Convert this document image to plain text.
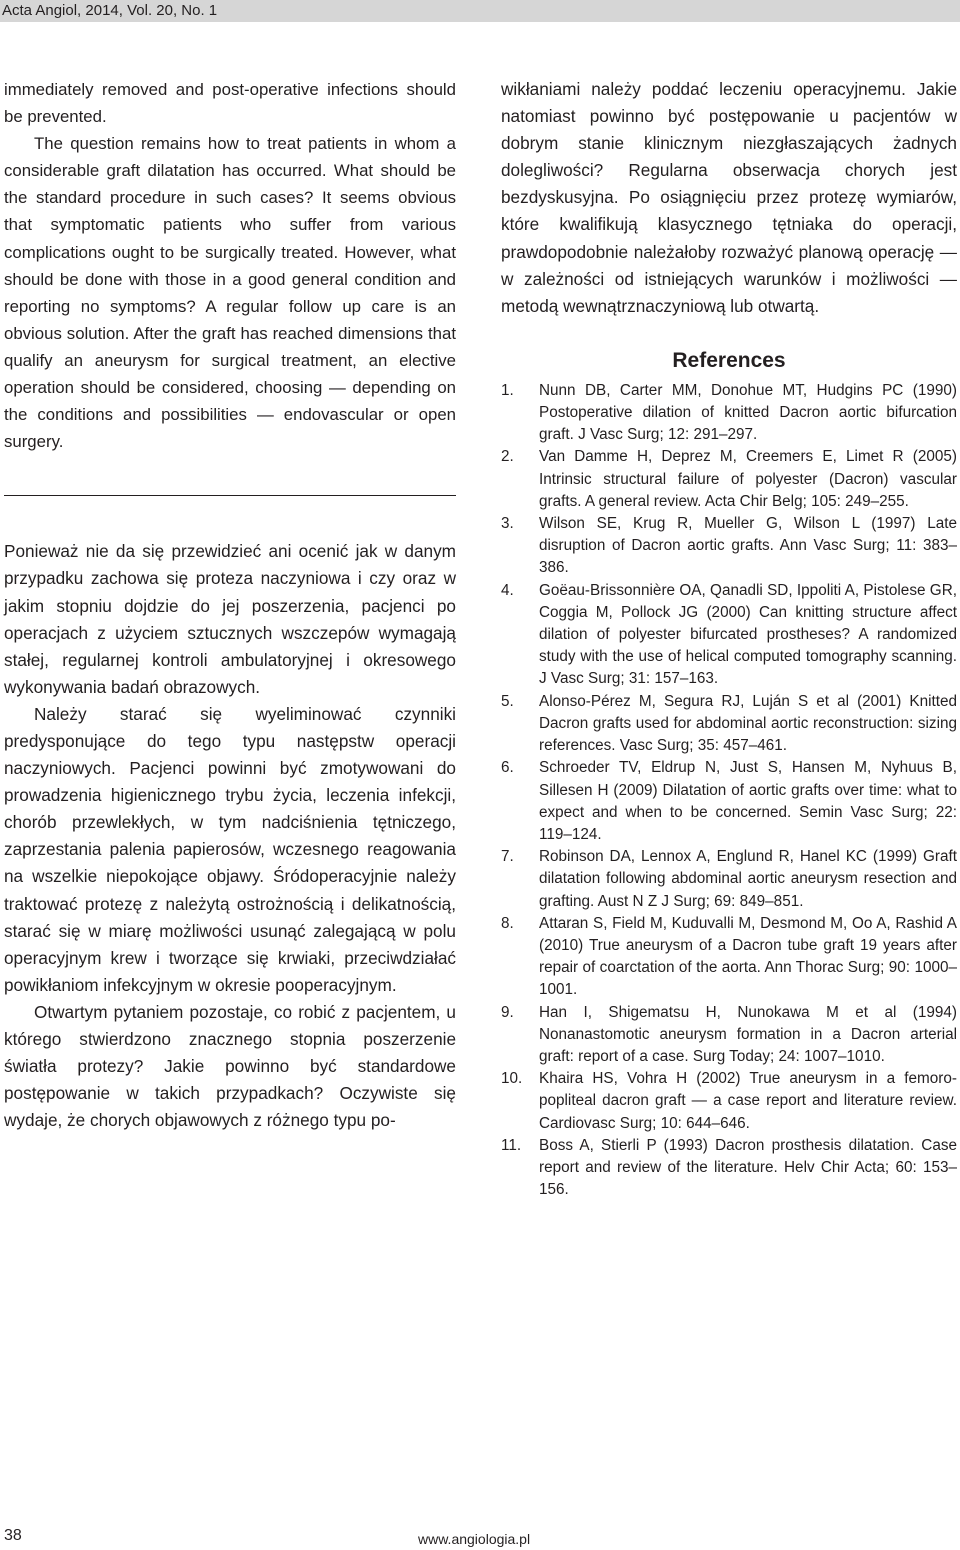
Acta Angiol, 2014, Vol. 20, No. 1

immediately removed and post-operative infections should be prevented.

The question remains how to treat patients in whom a considerable graft dilatation has occurred. What should be the standard procedure in such cases? It seems obvious that symptomatic patients who suffer from various complications ought to be surgically treated. However, what should be done with those in a good general condition and reporting no symptoms? A regular follow up care is an obvious solution. After the graft has reached dimensions that qualify an aneurysm for surgical treatment, an elective operation should be considered, choosing — depending on the conditions and possibilities — endovascular or open surgery.

Ponieważ nie da się przewidzieć ani ocenić jak w danym przypadku zachowa się proteza naczyniowa i czy oraz w jakim stopniu dojdzie do jej poszerzenia, pacjenci po operacjach z użyciem sztucznych wszczepów wymagają stałej, regularnej kontroli ambulatoryjnej i okresowego wykonywania badań obrazowych.

Należy starać się wyeliminować czynniki predysponujące do tego typu następstw operacji naczyniowych. Pacjenci powinni być zmotywowani do prowadzenia higienicznego trybu życia, leczenia infekcji, chorób przewlekłych, w tym nadciśnienia tętniczego, zaprzestania palenia papierosów, wczesnego reagowania na wszelkie niepokojące objawy. Śródoperacyjnie należy traktować protezę z należytą ostrożnością i delikatnością, starać się w miarę możliwości usunąć zalegającą w polu operacyjnym krew i tworzące się krwiaki, przeciwdziałać powikłaniom infekcyjnym w okresie pooperacyjnym.

Otwartym pytaniem pozostaje, co robić z pacjentem, u którego stwierdzono znacznego stopnia poszerzenie światła protezy? Jakie powinno być standardowe postępowanie w takich przypadkach? Oczywiste się wydaje, że chorych objawowych z różnego typu po-

wikłaniami należy poddać leczeniu operacyjnemu. Jakie natomiast powinno być postępowanie u pacjentów w dobrym stanie klinicznym niezgłaszających żadnych dolegliwości? Regularna obserwacja chorych jest bezdyskusyjna. Po osiągnięciu przez protezę wymiarów, które kwalifikują klasycznego tętniaka do operacji, prawdopodobnie należałoby rozważyć planową operację — w zależności od istniejących warunków i możliwości — metodą wewnątrznaczyniową lub otwartą.

References
1.	Nunn DB, Carter MM, Donohue MT, Hudgins PC (1990) Postoperative dilation of knitted Dacron aortic bifurcation graft. J Vasc Surg; 12: 291–297.
2.	Van Damme H, Deprez M, Creemers E, Limet R (2005) Intrinsic structural failure of polyester (Dacron) vascular grafts. A general review. Acta Chir Belg; 105: 249–255.
3.	Wilson SE, Krug R, Mueller G, Wilson L (1997) Late disruption of Dacron aortic grafts. Ann Vasc Surg; 11: 383–386.
4.	Goëau-Brissonnière OA, Qanadli SD, Ippoliti A, Pistolese GR, Coggia M, Pollock JG (2000) Can knitting structure affect dilation of polyester bifurcated prostheses? A randomized study with the use of helical computed tomography scanning. J Vasc Surg; 31: 157–163.
5.	Alonso-Pérez M, Segura RJ, Luján S et al (2001) Knitted Dacron grafts used for abdominal aortic reconstruction: sizing references. Vasc Surg; 35: 457–461.
6.	Schroeder TV, Eldrup N, Just S, Hansen M, Nyhuus B, Sillesen H (2009) Dilatation of aortic grafts over time: what to expect and when to be concerned. Semin Vasc Surg; 22: 119–124.
7.	Robinson DA, Lennox A, Englund R, Hanel KC (1999) Graft dilatation following abdominal aortic aneurysm resection and grafting. Aust N Z J Surg; 69: 849–851.
8.	Attaran S, Field M, Kuduvalli M, Desmond M, Oo A, Rashid A (2010) True aneurysm of a Dacron tube graft 19 years after repair of coarctation of the aorta. Ann Thorac Surg; 90: 1000–1001.
9.	Han I, Shigematsu H, Nunokawa M et al (1994) Nonanastomotic aneurysm formation in a Dacron arterial graft: report of a case. Surg Today; 24: 1007–1010.
10.	Khaira HS, Vohra H (2002) True aneurysm in a femoro-popliteal dacron graft — a case report and literature review. Cardiovasc Surg; 10: 644–646.
11.	Boss A, Stierli P (1993) Dacron prosthesis dilatation. Case report and review of the literature. Helv Chir Acta; 60: 153–156.
38	www.angiologia.pl
